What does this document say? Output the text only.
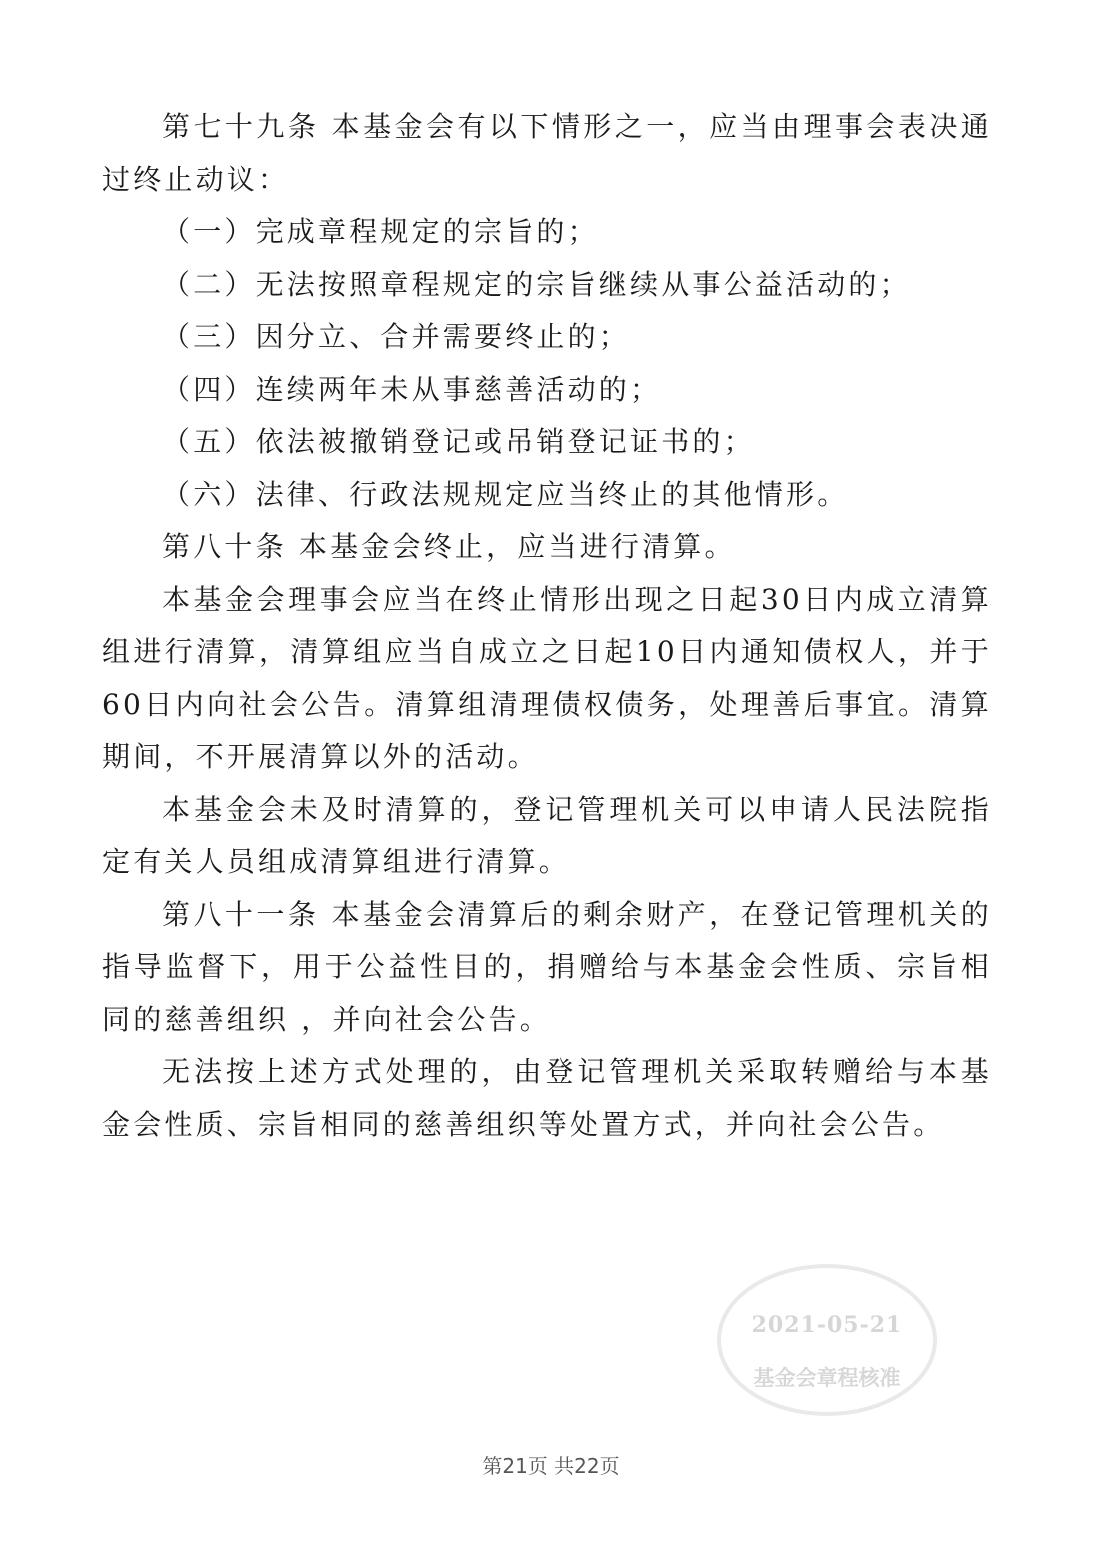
第七十九条 本基金会有以下情形之一，应当由理事会表决通过终止动议：

（一）完成章程规定的宗旨的；

（二）无法按照章程规定的宗旨继续从事公益活动的；

（三）因分立、合并需要终止的；

（四）连续两年未从事慈善活动的；

（五）依法被撤销登记或吊销登记证书的；

（六）法律、行政法规规定应当终止的其他情形。

第八十条 本基金会终止，应当进行清算。

本基金会理事会应当在终止情形出现之日起30日内成立清算组进行清算，清算组应当自成立之日起10日内通知债权人，并于60日内向社会公告。清算组清理债权债务，处理善后事宜。清算期间，不开展清算以外的活动。

本基金会未及时清算的，登记管理机关可以申请人民法院指定有关人员组成清算组进行清算。

第八十一条 本基金会清算后的剩余财产，在登记管理机关的指导监督下，用于公益性目的，捐赠给与本基金会性质、宗旨相同的慈善组织 ，并向社会公告。

无法按上述方式处理的，由登记管理机关采取转赠给与本基金会性质、宗旨相同的慈善组织等处置方式，并向社会公告。

2021-05-21
基金会章程核准
第21页 共22页
